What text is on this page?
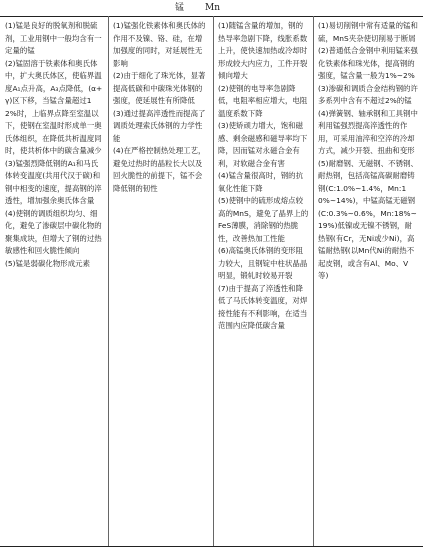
锰 Mn

(1)锰是良好的脱氧剂和脱硫剂，工业用钢中一般均含有一定量的锰

(2)锰固溶于铁素体和奥氏体中，扩大奥氏体区，使临界温度A₁点升高，A₃点降低，(α+γ)区下移，当锰含量超过12%时，上临界点降至室温以下，使钢在室温时形成单一奥氏体组织，在降低共析温度同时，使共析体中的碳含量减少

(3)锰强烈降低钢的A₁和马氏体转变温度(共用代汉于碳)和钢中相变的速度，提高钢的淬透性，增加强余奥氏体含量

(4)使钢的调质组织均匀、细化，避免了渗碳层中碳化物的聚集成块，但增大了钢的过热敏感性和回火脆性倾向

(5)锰是弱碳化物形成元素

(1)锰强化铁素体和奥氏体的作用不及镍、铬、硅，在增加强度的同时，对延展性无影响

(2)由于细化了珠光体，显著提高低碳和中碳珠光体钢的强度，使延展性有所降低

(3)通过提高淬透性而提高了调质处理索氏体钢的力学性能

(4)在严格控制热处理工艺，避免过热时的晶粒长大以及回火脆性的前提下，锰不会降低钢的韧性

(1)随锰含量的增加，钢的热导率急剧下降，线胀系数上升，使快速加热或冷却时形成较大内应力，工件开裂倾向增大

(2)使钢的电导率急剧降低，电阻率相应增大，电阻温度系数下降

(3)使矫顽力增大，饱和磁感、剩余磁感和磁导率均下降，因而锰对永磁合金有利，对软磁合金有害

(4)锰含量很高时，钢的抗氧化性能下降

(5)使钢中的硫形成熔点较高的MnS，避免了晶界上的FeS薄膜，消除钢的热脆性，改善热加工性能

(6)高锰奥氏体钢的变形阻力较大，且钢锭中柱状晶晶明显，锻轧时较易开裂

(7)由于提高了淬透性和降低了马氏体转变温度，对焊接性能有不利影响，在适当范围内应降低碳含量

(1)易切削钢中常有适量的锰和硫，MnS夹杂使切削易于断屑

(2)普通低合金钢中利用锰来强化铁素体和珠光体，提高钢的强度，锰含量一般为1%~2%

(3)渗碳和调质合金结构钢的许多系列中含有不超过2%的锰

(4)弹簧钢、轴承钢和工具钢中利用锰强烈提高淬透性的作用，可采用油淬和空淬的冷却方式，减少开裂、扭曲和变形

(5)耐磨钢、无磁钢、不锈钢、耐热钢，包括高锰高碳耐磨铸钢(C:1.0%~1.4%，Mn:10%~14%)，中锰高锰无磁钢(C:0.3%~0.6%，Mn:18%~19%)低镍或无镍不锈钢，耐热钢(有Cr，无Ni或少Ni)，高锰耐热钢(以Mn代Ni的耐热不起皮钢，或含有Al、Mo、V等)
